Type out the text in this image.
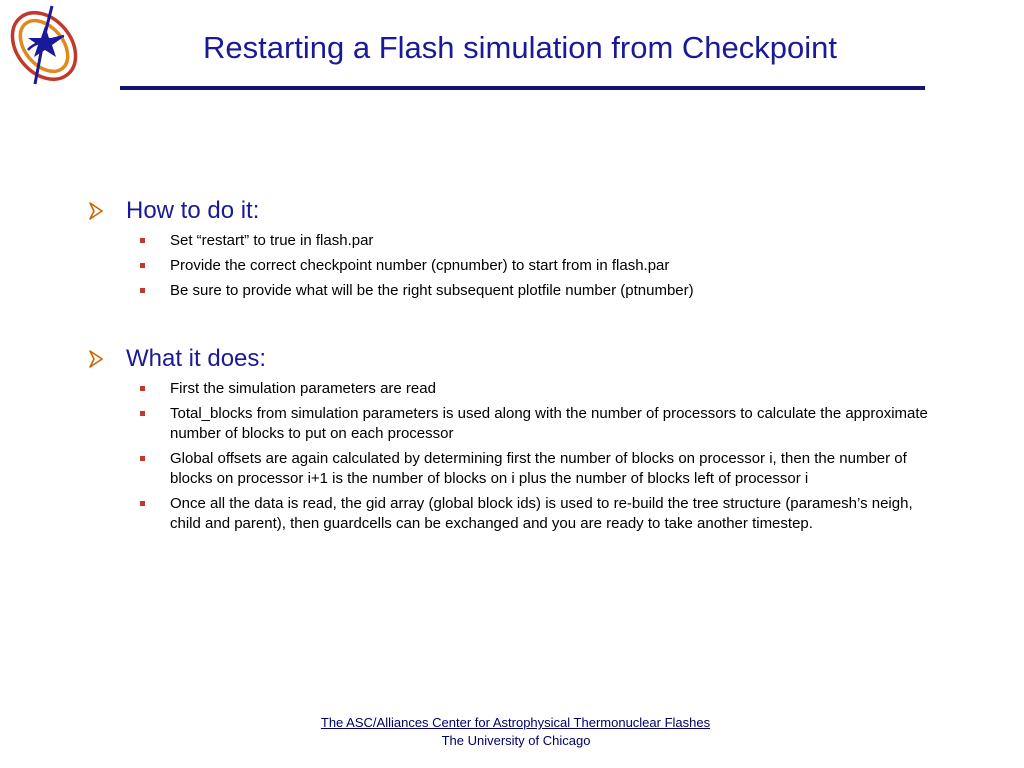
Restarting a Flash simulation from Checkpoint
How to do it:
Set “restart” to true in flash.par
Provide the correct checkpoint number (cpnumber) to start from in flash.par
Be sure to provide what will be the right subsequent plotfile number (ptnumber)
What it does:
First the simulation parameters are read
Total_blocks from simulation parameters is used along with the number of processors to calculate the approximate number of blocks to put on each processor
Global offsets are again calculated by determining first the number of blocks on processor i, then the number of blocks on processor i+1 is the number of blocks on i plus the number of blocks left of processor i
Once all the data is read, the gid array (global block ids) is used to re-build the tree structure (paramesh’s neigh, child and parent), then guardcells can be exchanged and you are ready to take another timestep.
The ASC/Alliances Center for Astrophysical Thermonuclear Flashes
The University of Chicago
